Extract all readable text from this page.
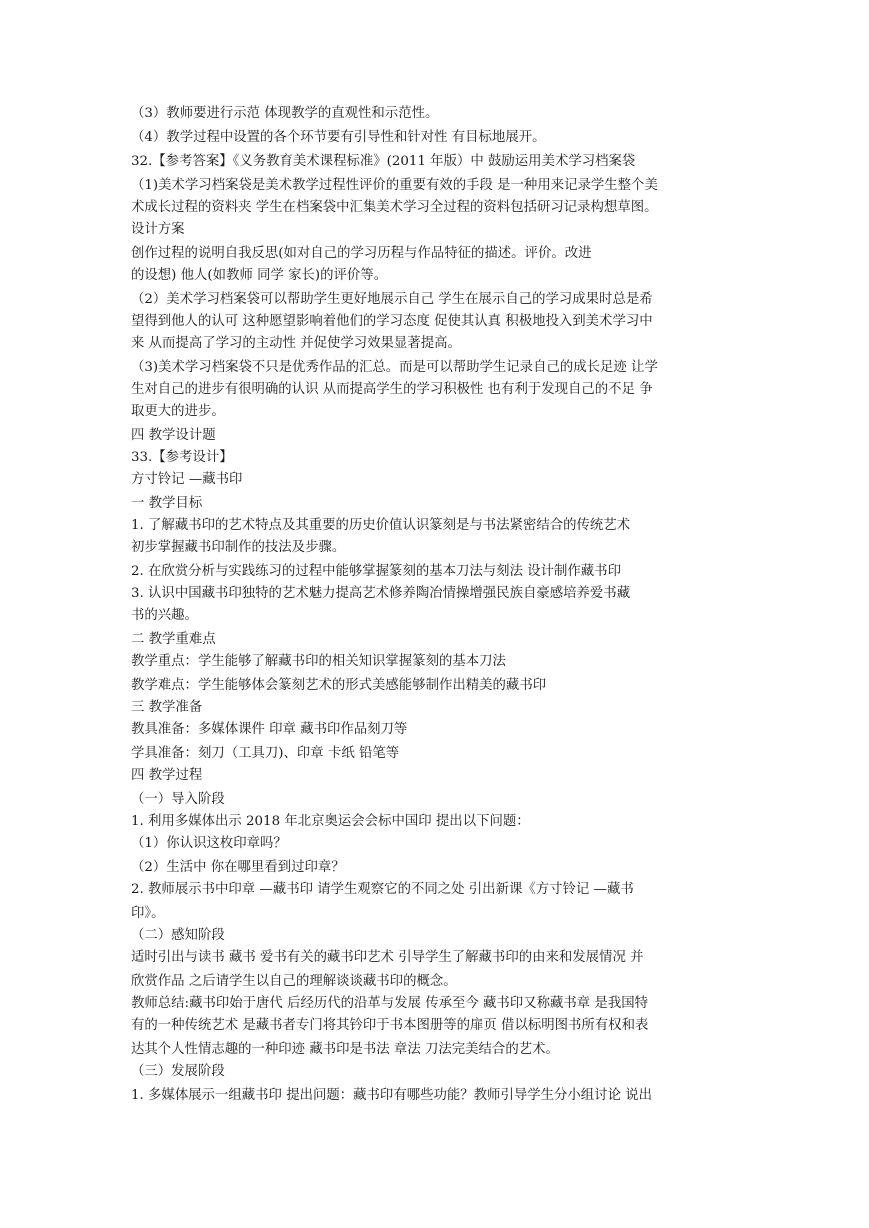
（3）教师要进行示范 体现教学的直观性和示范性。
（4）教学过程中设置的各个环节要有引导性和针对性 有目标地展开。
32.【参考答案】《义务教育美术课程标准》(2011 年版）中 鼓励运用美术学习档案袋
（1)美术学习档案袋是美术教学过程性评价的重要有效的手段 是一种用来记录学生整个美
术成长过程的资料夹 学生在档案袋中汇集美术学习全过程的资料包括研习记录构想草图。
设计方案
创作过程的说明自我反思(如对自己的学习历程与作品特征的描述。评价。改进
的设想) 他人(如教师 同学 家长)的评价等。
（2）美术学习档案袋可以帮助学生更好地展示自己 学生在展示自己的学习成果时总是希
望得到他人的认可 这种愿望影响着他们的学习态度 促使其认真 积极地投入到美术学习中
来 从而提高了学习的主动性 并促使学习效果显著提高。
（3)美术学习档案袋不只是优秀作品的汇总。而是可以帮助学生记录自己的成长足迹 让学
生对自己的进步有很明确的认识 从而提高学生的学习积极性 也有利于发现自己的不足 争
取更大的进步。
四 教学设计题
33.【参考设计】
方寸铃记 —藏书印
一 教学目标
1. 了解藏书印的艺术特点及其重要的历史价值认识篆刻是与书法紧密结合的传统艺术
初步掌握藏书印制作的技法及步骤。
2. 在欣赏分析与实践练习的过程中能够掌握篆刻的基本刀法与刻法 设计制作藏书印
3. 认识中国藏书印独特的艺术魅力提高艺术修养陶冶情操增强民族自豪感培养爱书藏
书的兴趣。
二 教学重难点
教学重点：学生能够了解藏书印的相关知识掌握篆刻的基本刀法
教学难点：学生能够体会篆刻艺术的形式美感能够制作出精美的藏书印
三 教学准备
教具准备：多媒体课件 印章 藏书印作品刻刀等
学具准备：刻刀（工具刀)、印章 卡纸 铅笔等
四 教学过程
（一）导入阶段
1. 利用多媒体出示 2018 年北京奥运会会标中国印 提出以下问题：
（1）你认识这枚印章吗？
（2）生活中 你在哪里看到过印章？
2. 教师展示书中印章 —藏书印 请学生观察它的不同之处 引出新课《方寸铃记 —藏书
印》。
（二）感知阶段
适时引出与读书 藏书 爱书有关的藏书印艺术 引导学生了解藏书印的由来和发展情况 并
欣赏作品 之后请学生以自己的理解谈谈藏书印的概念。
教师总结:藏书印始于唐代 后经历代的沿革与发展 传承至今 藏书印又称藏书章 是我国特
有的一种传统艺术 是藏书者专门将其钤印于书本图册等的扉页 借以标明图书所有权和表
达其个人性情志趣的一种印迹 藏书印是书法 章法 刀法完美结合的艺术。
（三）发展阶段
1. 多媒体展示一组藏书印 提出问题：藏书印有哪些功能？教师引导学生分小组讨论 说出
